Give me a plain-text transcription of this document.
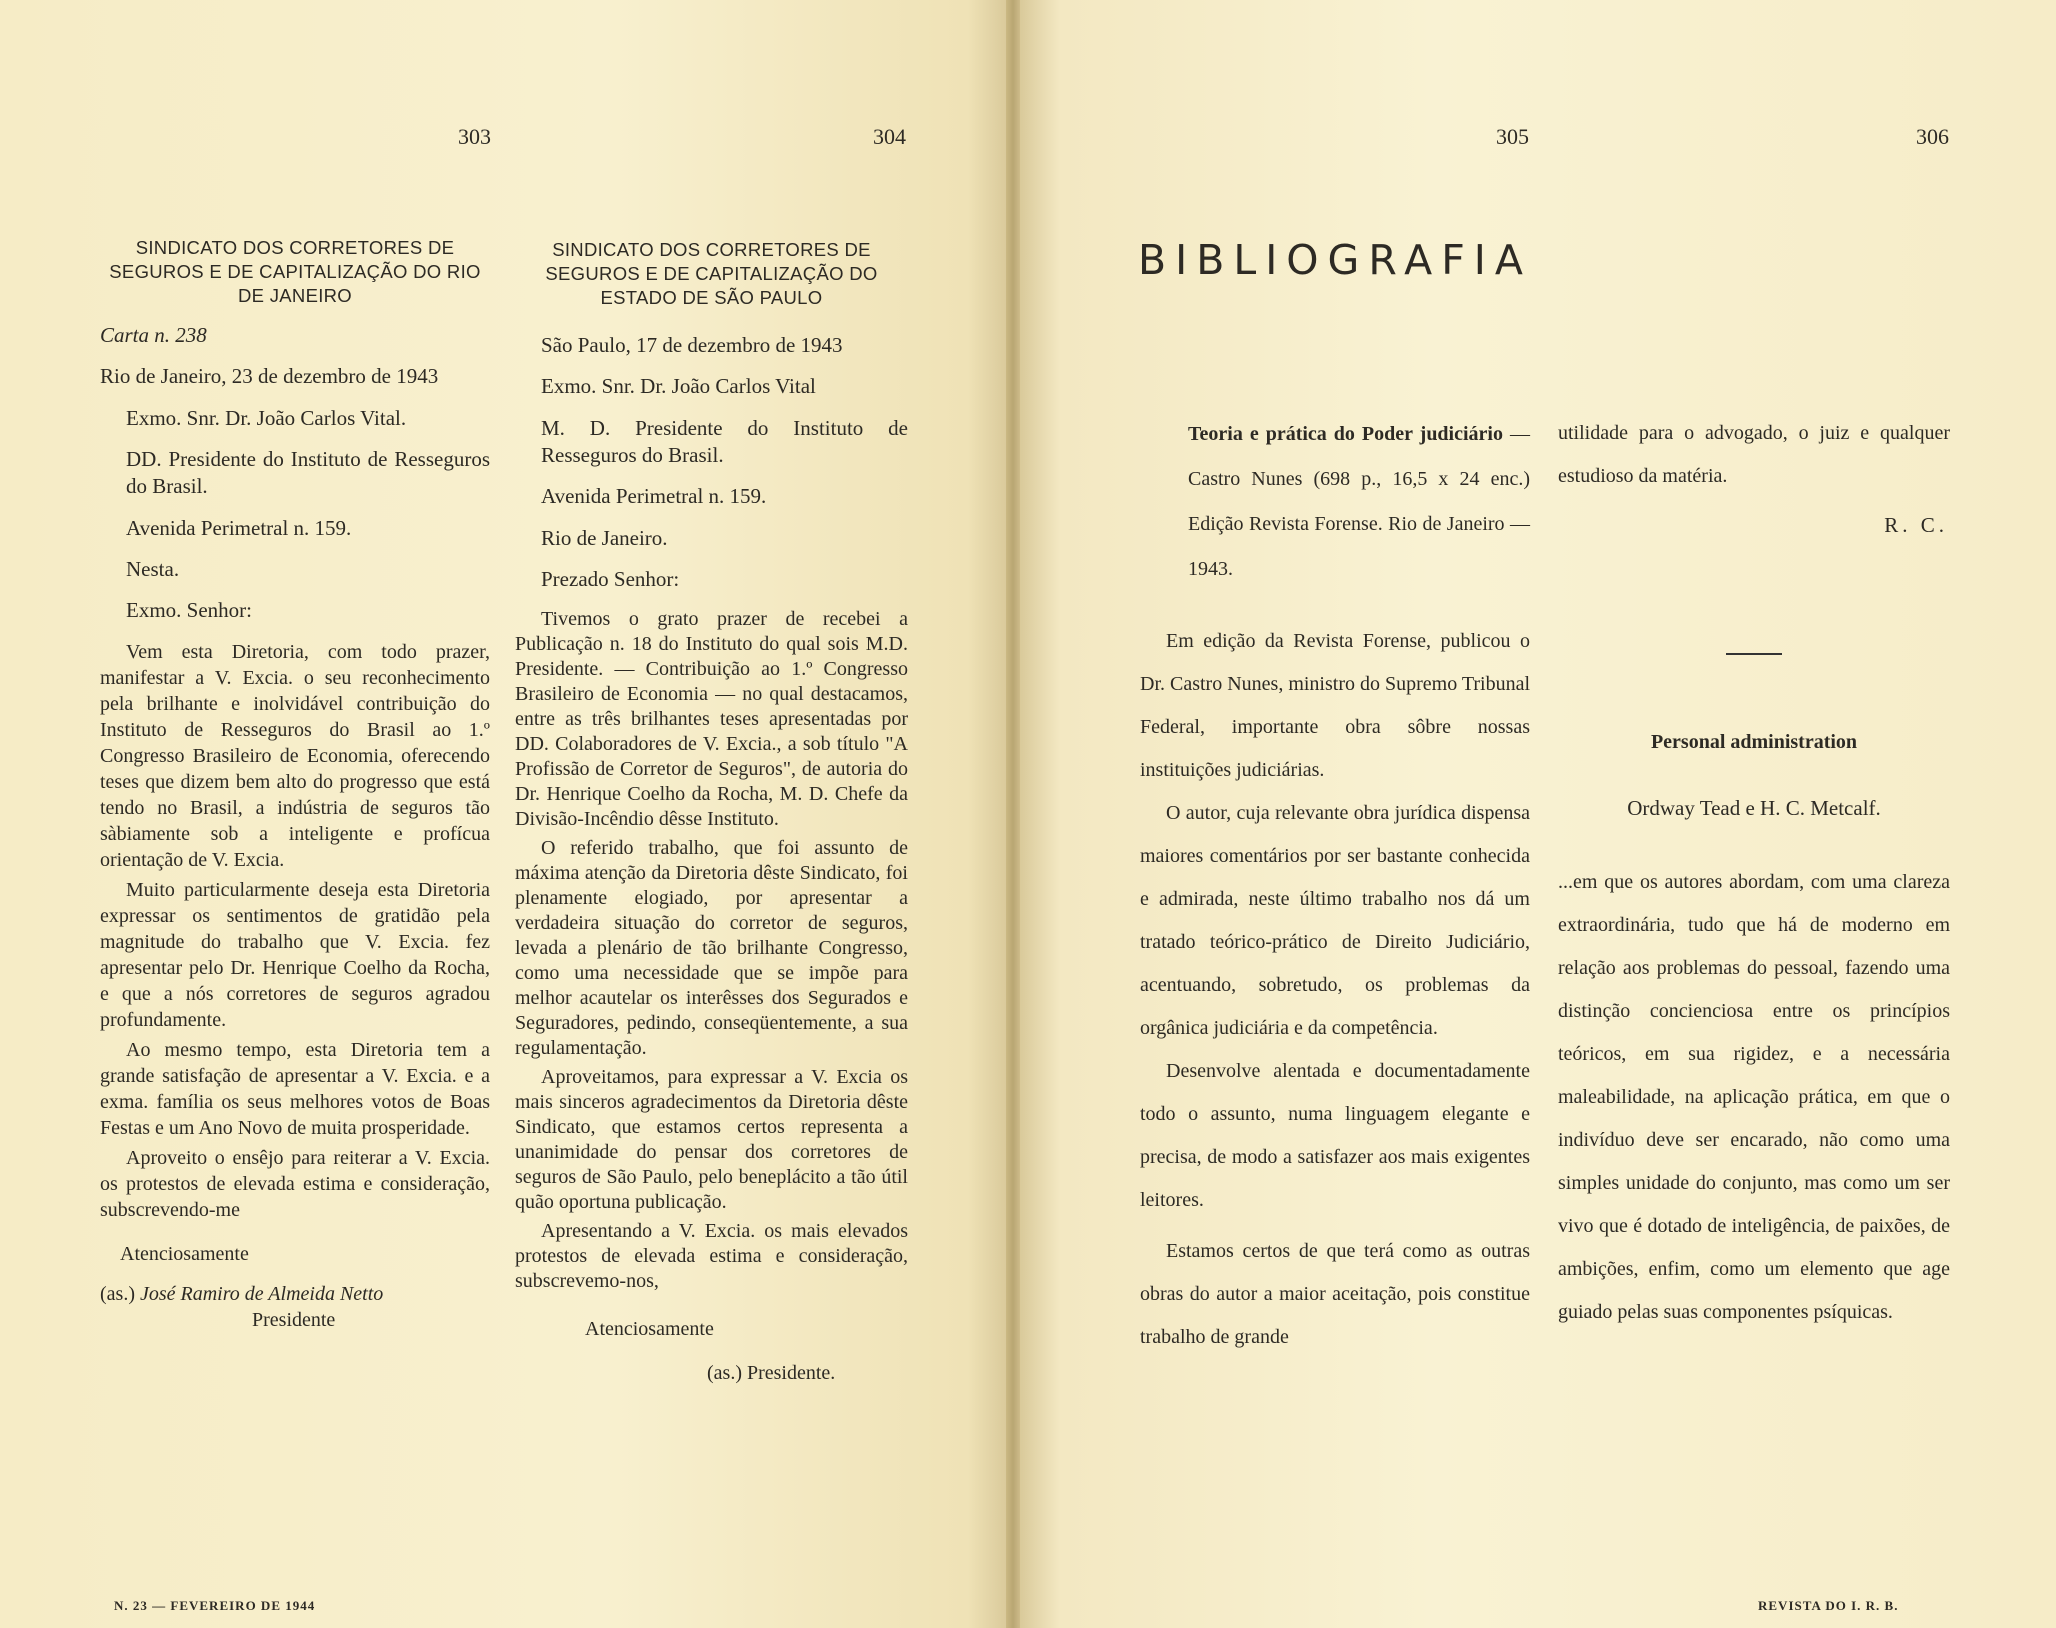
303	304	305	306

SINDICATO DOS CORRETORES DE SEGUROS E DE CAPITALIZAÇÃO DO RIO DE JANEIRO

Carta n. 238

Rio de Janeiro, 23 de dezembro de 1943

Exmo. Snr. Dr. João Carlos Vital.

DD. Presidente do Instituto de Resseguros do Brasil.

Avenida Perimetral n. 159.

Nesta.

Exmo. Senhor:

Vem esta Diretoria, com todo prazer, manifestar a V. Excia. o seu reconhecimento pela brilhante e inolvidável contribuição do Instituto de Resseguros do Brasil ao 1.º Congresso Brasileiro de Economia, oferecendo teses que dizem bem alto do progresso que está tendo no Brasil, a indústria de seguros tão sàbiamente sob a inteligente e profícua orientação de V. Excia.

Muito particularmente deseja esta Diretoria expressar os sentimentos de gratidão pela magnitude do trabalho que V. Excia. fez apresentar pelo Dr. Henrique Coelho da Rocha, e que a nós corretores de seguros agradou profundamente.

Ao mesmo tempo, esta Diretoria tem a grande satisfação de apresentar a V. Excia. e a exma. família os seus melhores votos de Boas Festas e um Ano Novo de muita prosperidade.

Aproveito o ensêjo para reiterar a V. Excia. os protestos de elevada estima e consideração, subscrevendo-me

Atenciosamente

(as.) José Ramiro de Almeida Netto

Presidente

SINDICATO DOS CORRETORES DE SEGUROS E DE CAPITALIZAÇÃO DO ESTADO DE SÃO PAULO

São Paulo, 17 de dezembro de 1943

Exmo. Snr. Dr. João Carlos Vital

M. D. Presidente do Instituto de Resseguros do Brasil.

Avenida Perimetral n. 159.

Rio de Janeiro.

Prezado Senhor:

Tivemos o grato prazer de recebei a Publicação n. 18 do Instituto do qual sois M.D. Presidente. — Contribuição ao 1.º Congresso Brasileiro de Economia — no qual destacamos, entre as três brilhantes teses apresentadas por DD. Colaboradores de V. Excia., a sob título "A Profissão de Corretor de Seguros", de autoria do Dr. Henrique Coelho da Rocha, M. D. Chefe da Divisão-Incêndio dêsse Instituto.

O referido trabalho, que foi assunto de máxima atenção da Diretoria dêste Sindicato, foi plenamente elogiado, por apresentar a verdadeira situação do corretor de seguros, levada a plenário de tão brilhante Congresso, como uma necessidade que se impõe para melhor acautelar os interêsses dos Segurados e Seguradores, pedindo, conseqüentemente, a sua regulamentação.

Aproveitamos, para expressar a V. Excia os mais sinceros agradecimentos da Diretoria dêste Sindicato, que estamos certos representa a unanimidade do pensar dos corretores de seguros de São Paulo, pelo beneplácito a tão útil quão oportuna publicação.

Apresentando a V. Excia. os mais elevados protestos de elevada estima e consideração, subscrevemo-nos,

Atenciosamente

(as.) Presidente.

BIBLIOGRAFIA

Teoria e prática do Poder judiciário — Castro Nunes (698 p., 16,5 x 24 enc.) Edição Revista Forense. Rio de Janeiro — 1943.

Em edição da Revista Forense, publicou o Dr. Castro Nunes, ministro do Supremo Tribunal Federal, importante obra sôbre nossas instituições judiciárias.

O autor, cuja relevante obra jurídica dispensa maiores comentários por ser bastante conhecida e admirada, neste último trabalho nos dá um tratado teórico-prático de Direito Judiciário, acentuando, sobretudo, os problemas da orgânica judiciária e da competência.

Desenvolve alentada e documentadamente todo o assunto, numa linguagem elegante e precisa, de modo a satisfazer aos mais exigentes leitores.

Estamos certos de que terá como as outras obras do autor a maior aceitação, pois constitue trabalho de grande

utilidade para o advogado, o juiz e qualquer estudioso da matéria.

R. C.

Personal administration

Ordway Tead e H. C. Metcalf.

...em que os autores abordam, com uma clareza extraordinária, tudo que há de moderno em relação aos problemas do pessoal, fazendo uma distinção concienciosa entre os princípios teóricos, em sua rigidez, e a necessária maleabilidade, na aplicação prática, em que o indivíduo deve ser encarado, não como uma simples unidade do conjunto, mas como um ser vivo que é dotado de inteligência, de paixões, de ambições, enfim, como um elemento que age guiado pelas suas componentes psíquicas.

N. 23 — FEVEREIRO DE 1944	REVISTA DO I. R. B.
